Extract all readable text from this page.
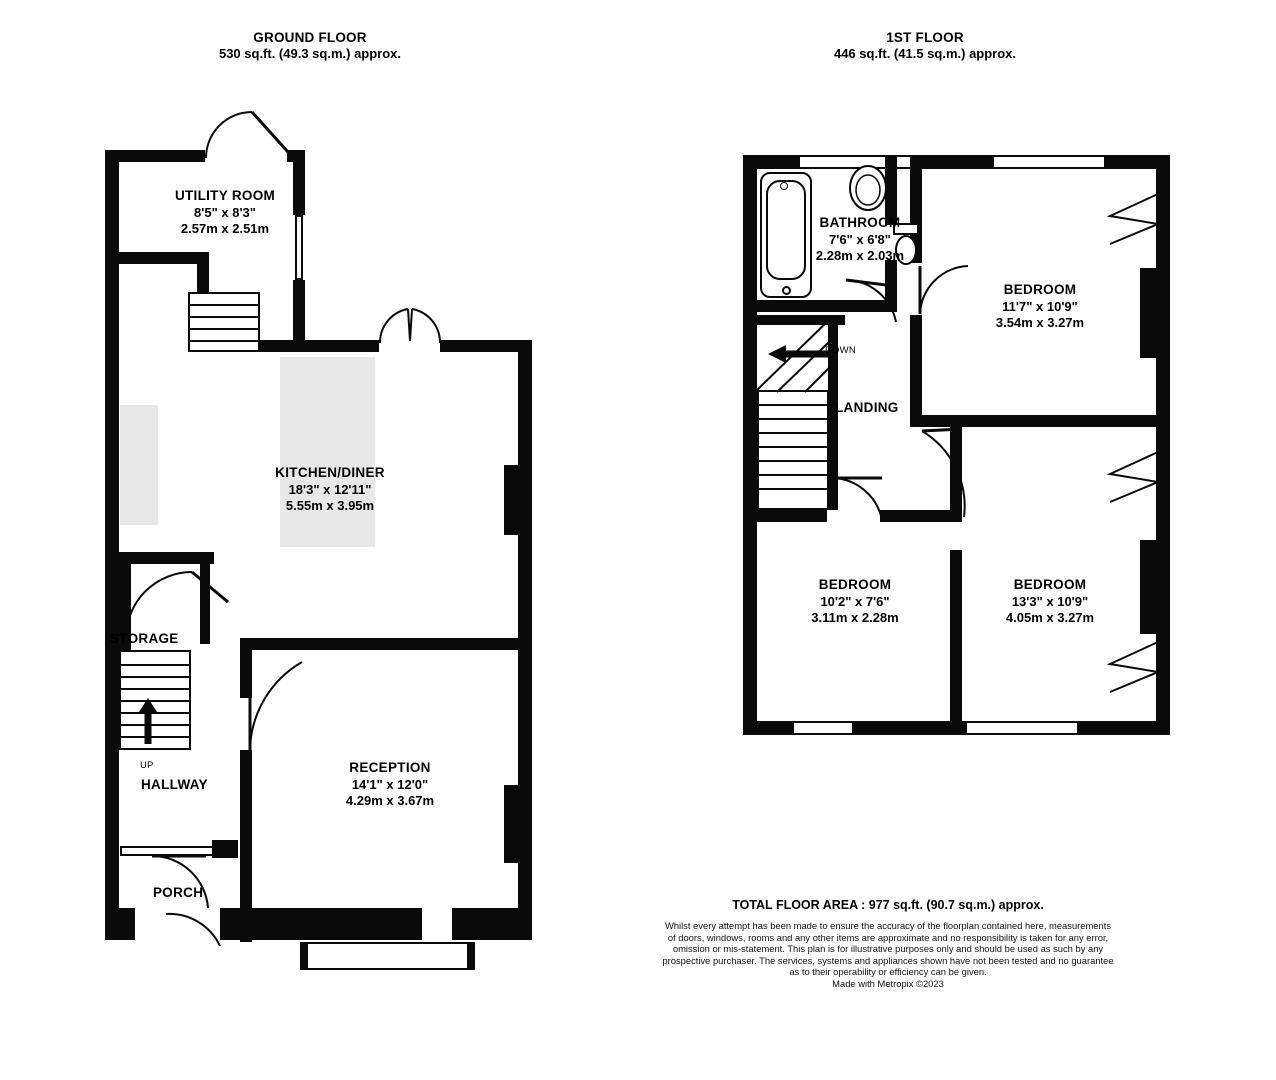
GROUND FLOOR
530 sq.ft. (49.3 sq.m.) approx.
1ST FLOOR
446 sq.ft. (41.5 sq.m.) approx.
UTILITY ROOM
8'5" x 8'3"
2.57m x 2.51m
KITCHEN/DINER
18'3" x 12'11"
5.55m x 3.95m
RECEPTION
14'1" x 12'0"
4.29m x 3.67m
STORAGE
HALLWAY
UP
PORCH
DOWN
BATHROOM
7'6" x 6'8"
2.28m x 2.03m
BEDROOM
11'7" x 10'9"
3.54m x 3.27m
BEDROOM
10'2" x 7'6"
3.11m x 2.28m
BEDROOM
13'3" x 10'9"
4.05m x 3.27m
LANDING
TOTAL FLOOR AREA : 977 sq.ft. (90.7 sq.m.) approx.
Whilst every attempt has been made to ensure the accuracy of the floorplan contained here, measurements
of doors, windows, rooms and any other items are approximate and no responsibility is taken for any error,
omission or mis-statement. This plan is for illustrative purposes only and should be used as such by any
prospective purchaser. The services, systems and appliances shown have not been tested and no guarantee
as to their operability or efficiency can be given.
Made with Metropix ©2023
